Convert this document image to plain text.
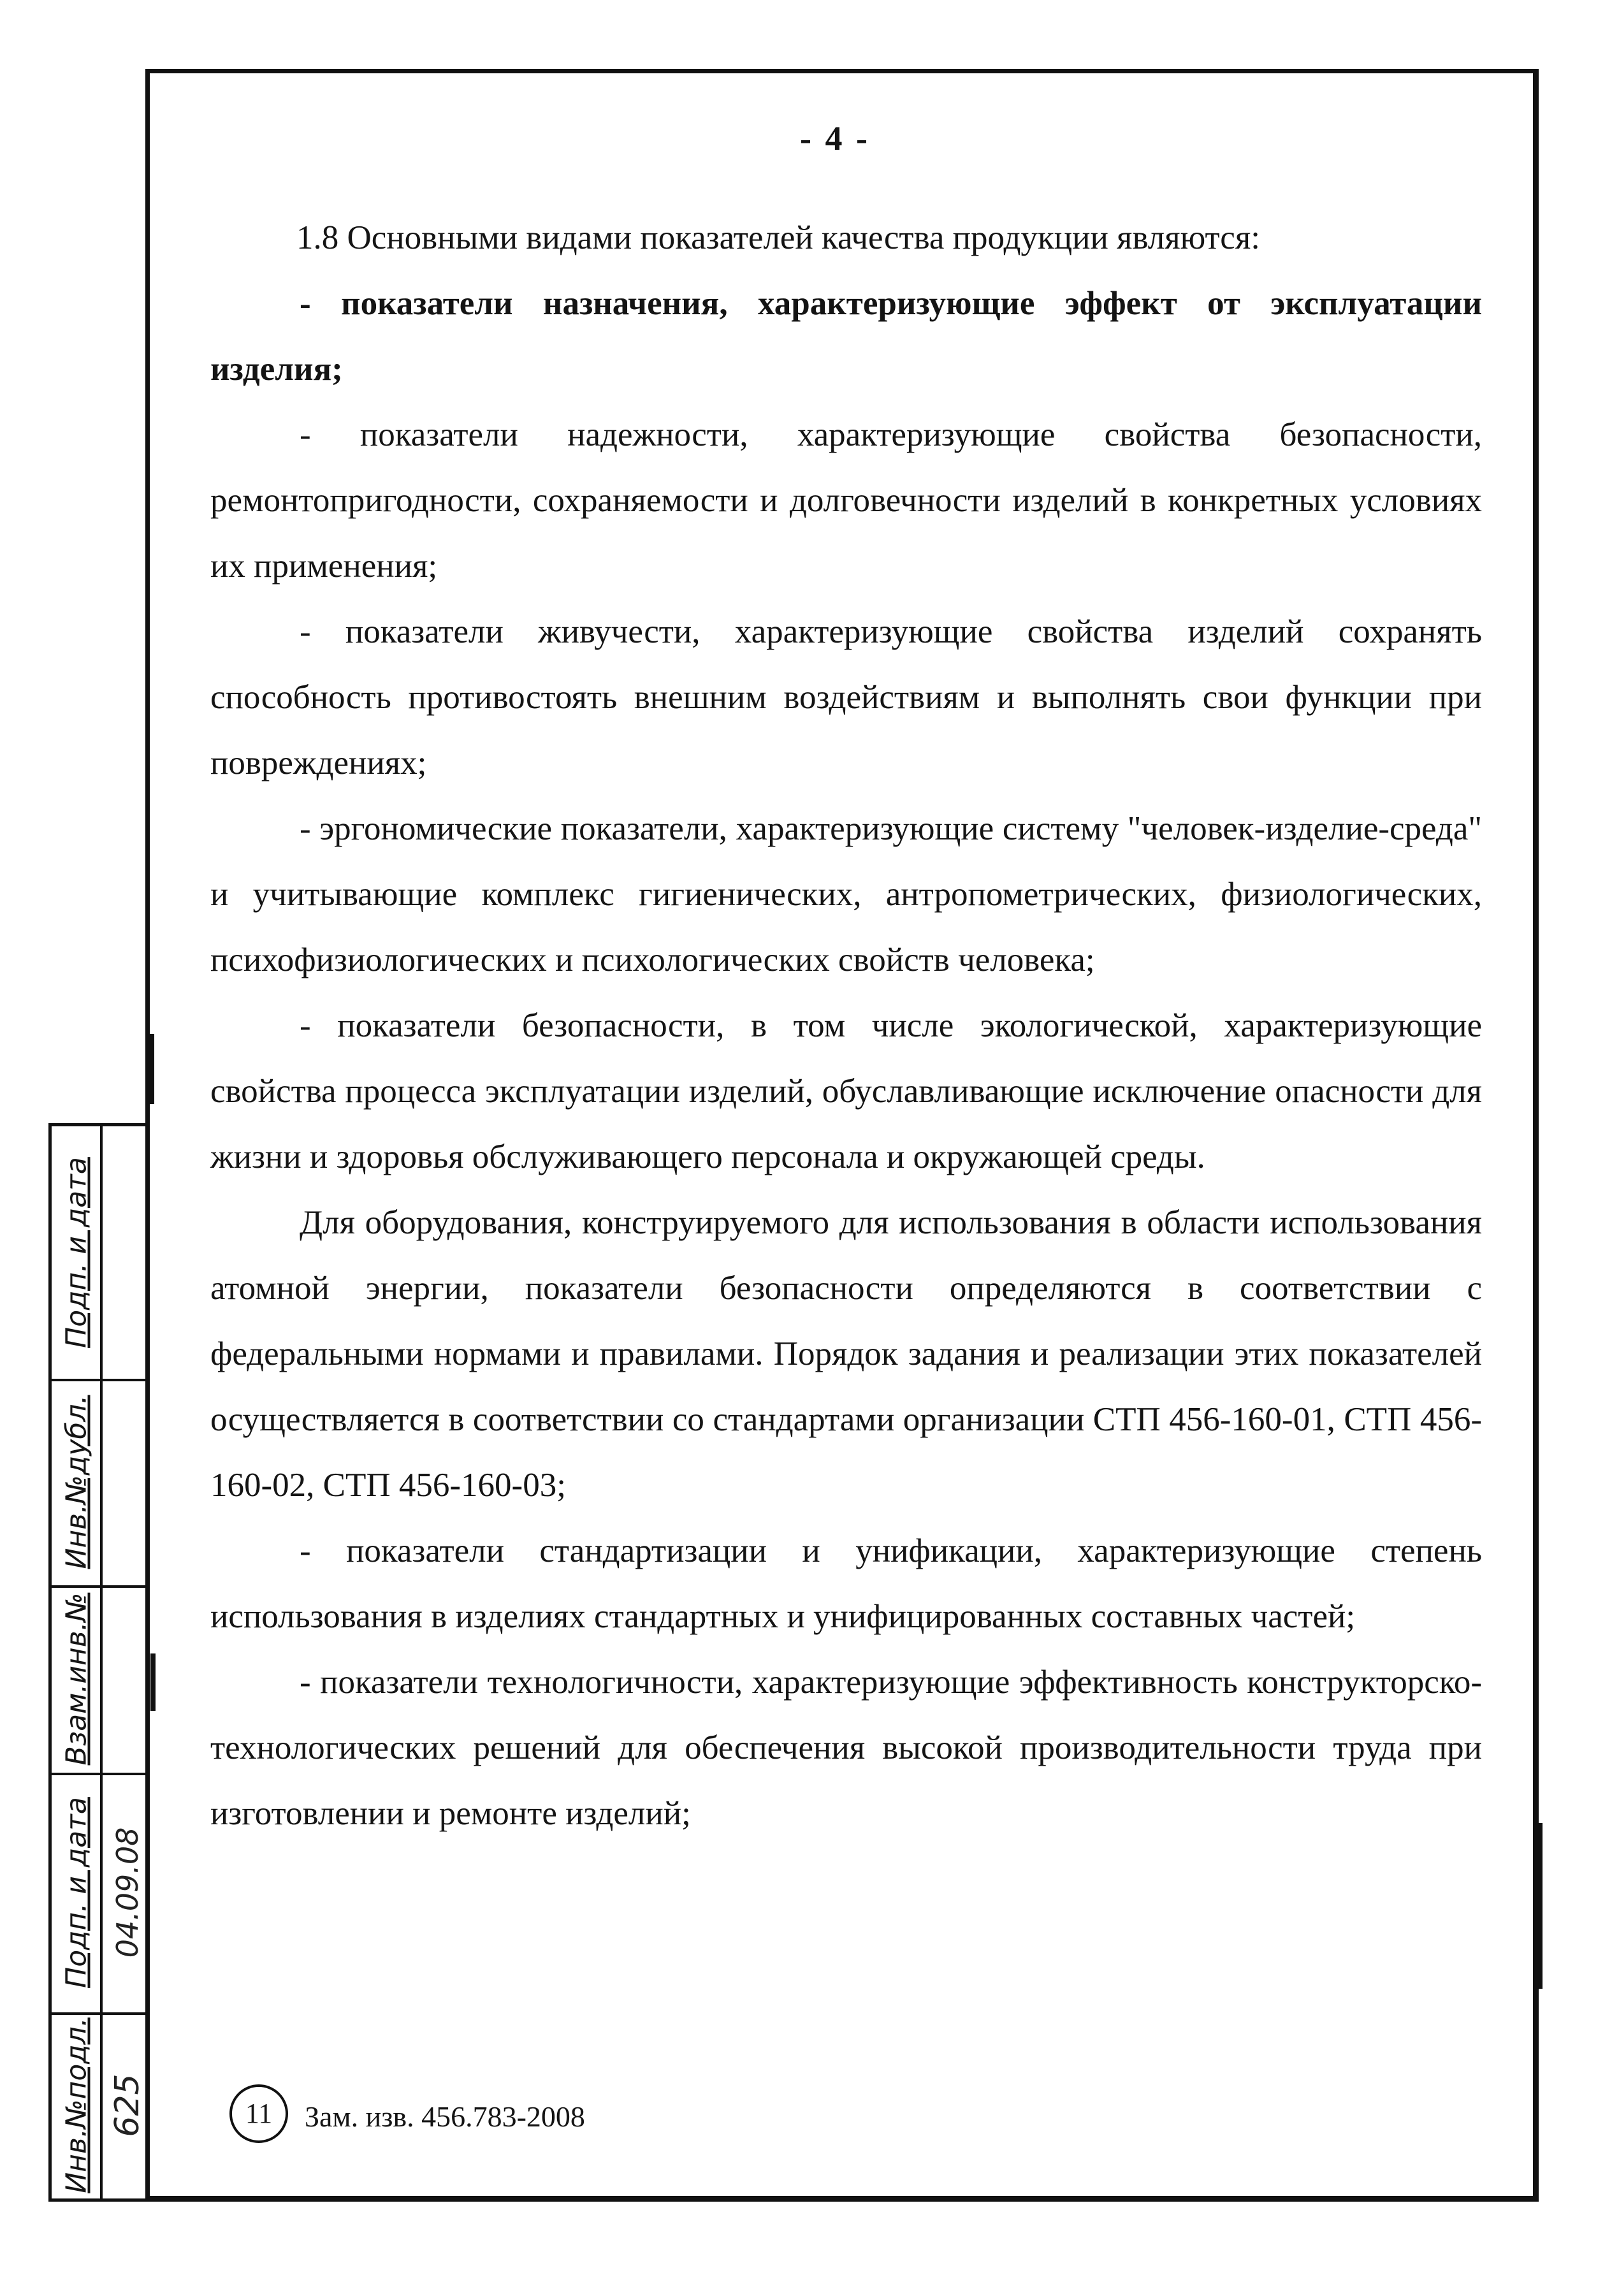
- 4 -

1.8 Основными видами показателей качества продукции являются:

- показатели назначения, характеризующие эффект от эксплуатации изделия;

- показатели надежности, характеризующие свойства безопасности, ремонтопригодности, сохраняемости и долговечности изделий в конкретных условиях их применения;

- показатели живучести, характеризующие свойства изделий сохранять способность противостоять внешним воздействиям и выполнять свои функции при повреждениях;

- эргономические показатели, характеризующие систему "человек-изделие-среда" и учитывающие комплекс гигиенических, антропометрических, физиологических, психофизиологических и психологических свойств человека;

- показатели безопасности, в том числе экологической, характеризующие свойства процесса эксплуатации изделий, обуславливающие исключение опасности для жизни и здоровья обслуживающего персонала и окружающей среды.

Для оборудования, конструируемого для использования в области использования атомной энергии, показатели безопасности определяются в соответствии с федеральными нормами и правилами. Порядок задания и реализации этих показателей осуществляется в соответствии со стандартами организации СТП 456-160-01, СТП 456-160-02, СТП 456-160-03;

- показатели стандартизации и унификации, характеризующие степень использования в изделиях стандартных и унифицированных составных частей;

- показатели технологичности, характеризующие эффективность конструкторско-технологических решений для обеспечения высокой производительности труда при изготовлении и ремонте изделий;

Подп. и дата
Инв.№дубл.
Взам.инв.№
Подп. и дата
Инв.№подл.
04.09.08
625	11	Зам. изв. 456.783-2008
